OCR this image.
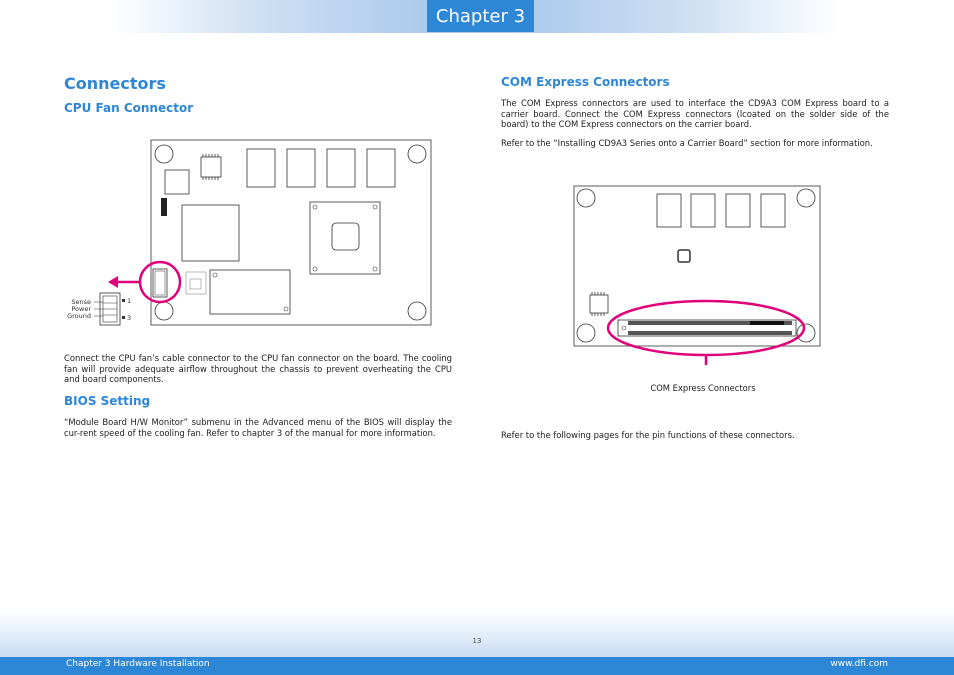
Chapter 3
Connectors
CPU Fan Connector
Sense
Power
Ground
1
3
Connect the CPU fan’s cable connector to the CPU fan connector on the board. The cooling fan will provide adequate airflow throughout the chassis to prevent overheating the CPU and board components.
BIOS Setting
“Module Board H/W Monitor” submenu in the Advanced menu of the BIOS will display the cur-rent speed of the cooling fan. Refer to chapter 3 of the manual for more information.
COM Express Connectors
The COM Express connectors are used to interface the CD9A3 COM Express board to a carrier board. Connect the COM Express connectors (lcoated on the solder side of the board) to the COM Express connectors on the carrier board.
Refer to the “Installing CD9A3 Series onto a Carrier Board” section for more information.
COM Express Connectors
Refer to the following pages for the pin functions of these connectors.
13
Chapter 3 Hardware Installation	www.dfi.com
